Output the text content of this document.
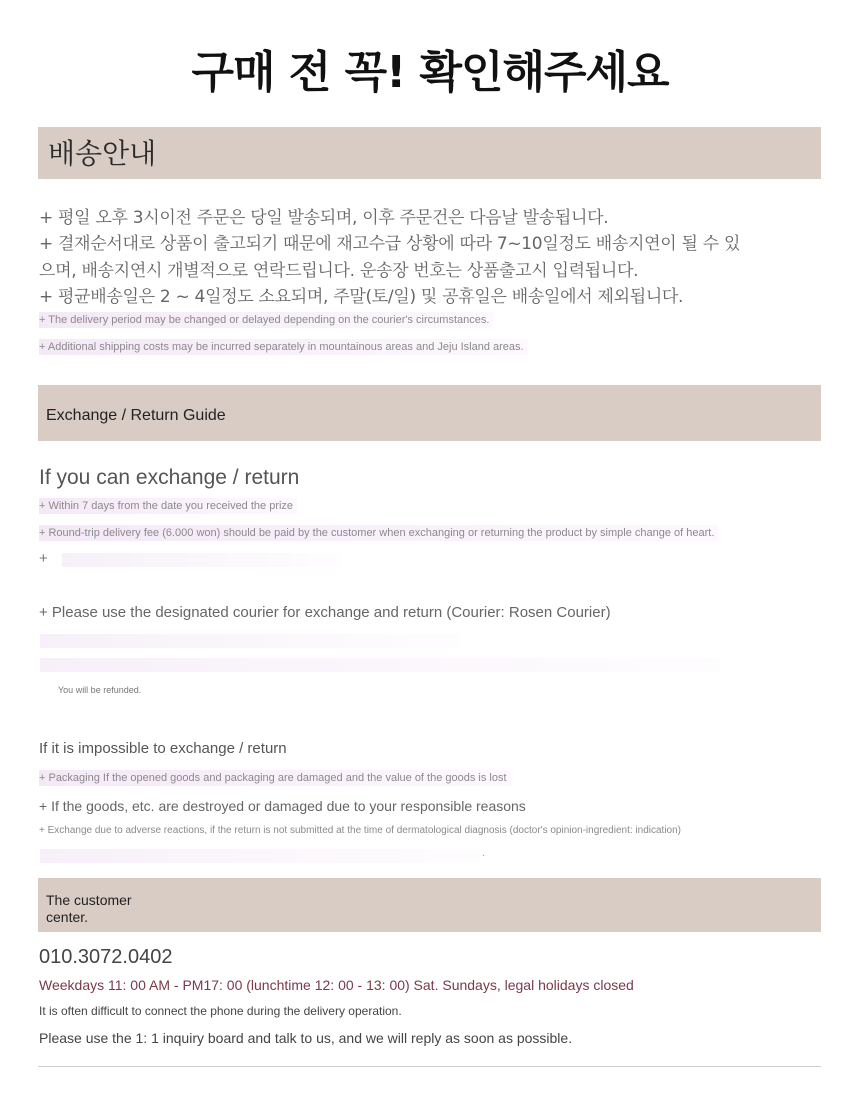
구매 전 꼭! 확인해주세요
배송안내
+ 평일 오후 3시이전 주문은 당일 발송되며, 이후 주문건은 다음날 발송됩니다.
+ 결재순서대로 상품이 출고되기 때문에 재고수급 상황에 따라 7~10일정도 배송지연이 될 수 있
으며, 배송지연시 개별적으로 연락드립니다. 운송장 번호는 상품출고시 입력됩니다.
+ 평균배송일은 2 ~ 4일정도 소요되며, 주말(토/일) 및 공휴일은 배송일에서 제외됩니다.
+ The delivery period may be changed or delayed depending on the courier's circumstances.
+ Additional shipping costs may be incurred separately in mountainous areas and Jeju Island areas.
Exchange / Return Guide
If you can exchange / return
+ Within 7 days from the date you received the prize
+ Round-trip delivery fee (6.000 won) should be paid by the customer when exchanging or returning the product by simple change of heart.
+
+ Please use the designated courier for exchange and return (Courier: Rosen Courier)
You will be refunded.
If it is impossible to exchange / return
+ Packaging If the opened goods and packaging are damaged and the value of the goods is lost
+ If the goods, etc. are destroyed or damaged due to your responsible reasons
+ Exchange due to adverse reactions, if the return is not submitted at the time of dermatological diagnosis (doctor's opinion-ingredient: indication)
.
The customer
center.
010.3072.0402
Weekdays 11: 00 AM - PM17: 00 (lunchtime 12: 00 - 13: 00) Sat. Sundays, legal holidays closed
It is often difficult to connect the phone during the delivery operation.
Please use the 1: 1 inquiry board and talk to us, and we will reply as soon as possible.
